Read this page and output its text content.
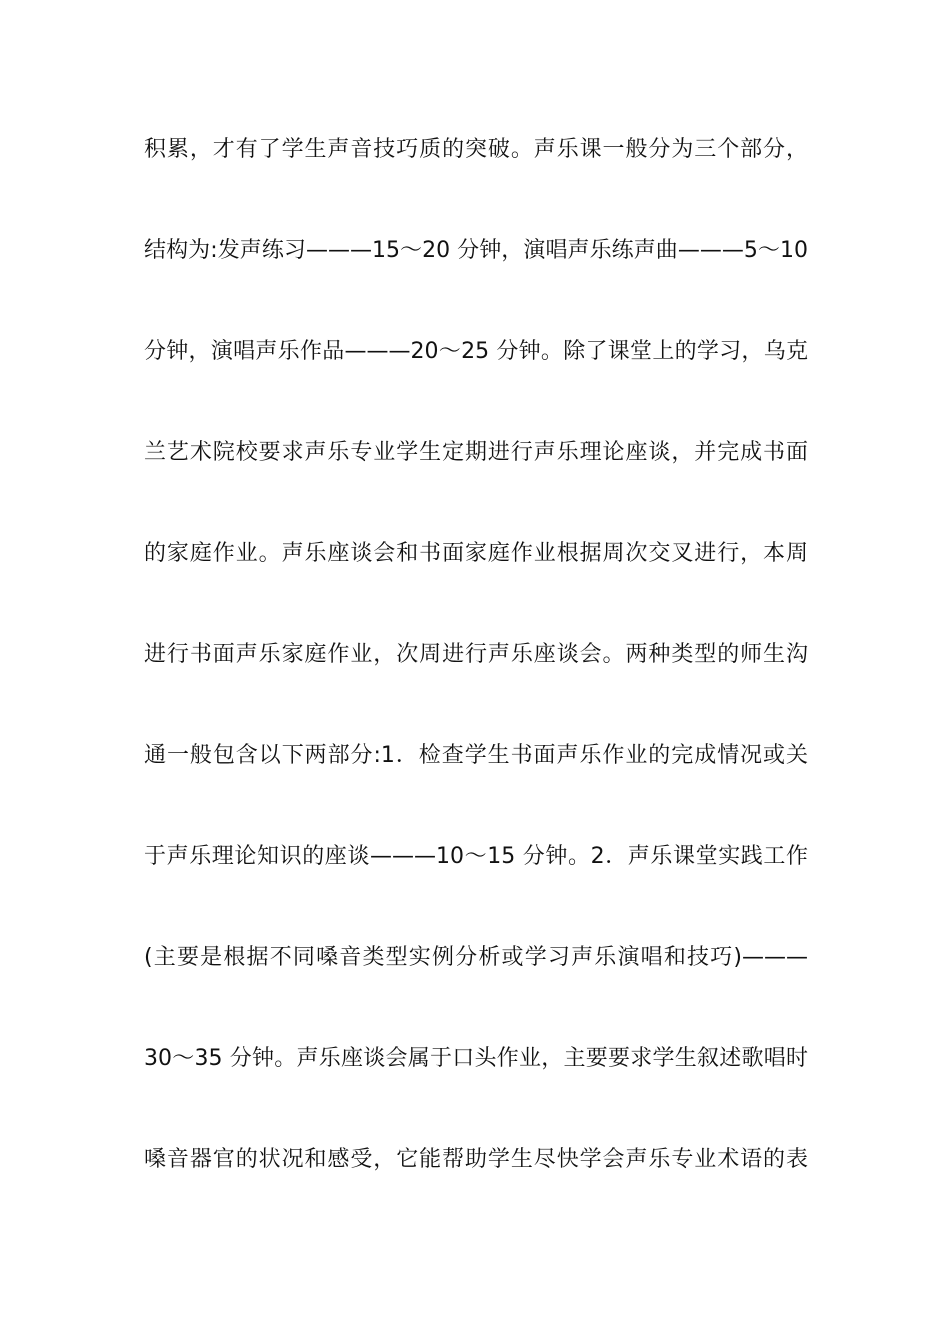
积累，才有了学生声音技巧质的突破。声乐课一般分为三个部分，
结构为:发声练习———15～20 分钟，演唱声乐练声曲———5～10
分钟，演唱声乐作品———20～25 分钟。除了课堂上的学习，乌克
兰艺术院校要求声乐专业学生定期进行声乐理论座谈，并完成书面
的家庭作业。声乐座谈会和书面家庭作业根据周次交叉进行，本周
进行书面声乐家庭作业，次周进行声乐座谈会。两种类型的师生沟
通一般包含以下两部分:1．检查学生书面声乐作业的完成情况或关
于声乐理论知识的座谈———10～15 分钟。2．声乐课堂实践工作
(主要是根据不同嗓音类型实例分析或学习声乐演唱和技巧)———
30～35 分钟。声乐座谈会属于口头作业，主要要求学生叙述歌唱时
嗓音器官的状况和感受，它能帮助学生尽快学会声乐专业术语的表
